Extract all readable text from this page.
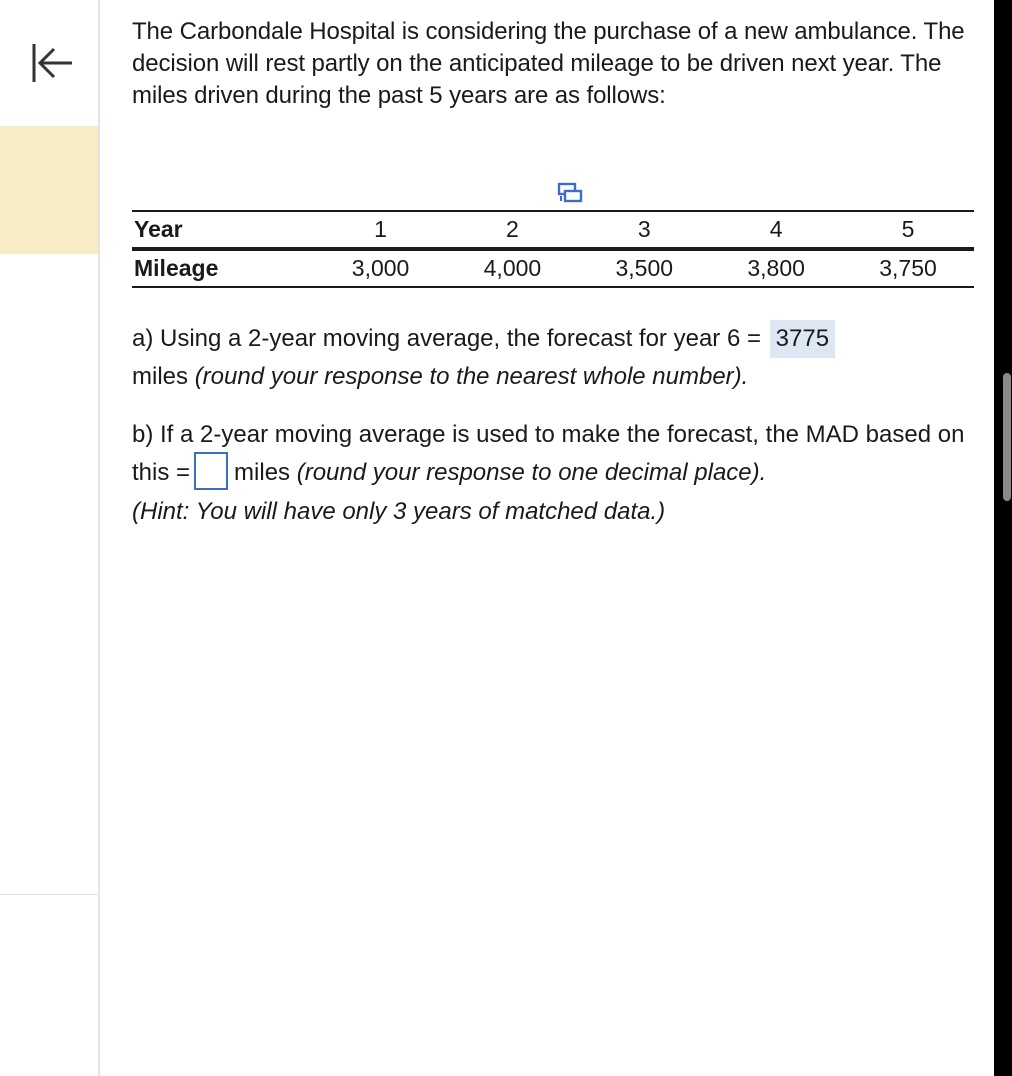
The Carbondale Hospital is considering the purchase of a new ambulance. The decision will rest partly on the anticipated mileage to be driven next year. The miles driven during the past 5 years are as follows:

Year	1	2	3	4	5
Mileage	3,000	4,000	3,500	3,800	3,750
a) Using a 2-year moving average, the forecast for year 6 = 3775
miles (round your response to the nearest whole number).
b) If a 2-year moving average is used to make the forecast, the MAD based on this = miles (round your response to one decimal place).
(Hint: You will have only 3 years of matched data.)
